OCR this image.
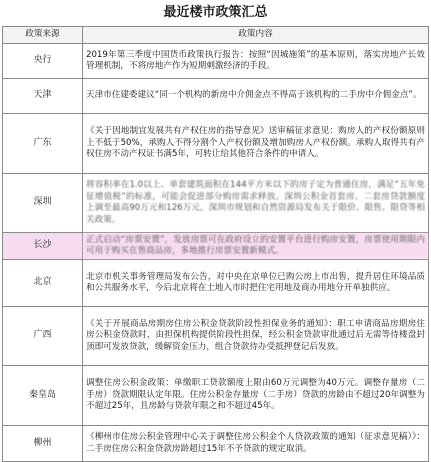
最近楼市政策汇总
政策来源	政策内容
央行	2019年第三季度中国货币政策执行报告：按照“因城施策”的基本原则，落实房地产长效管理机制，不将房地产作为短期刺激经济的手段。
天津	天津市住建委建议“同一个机构的新房中介佣金点不得高于该机构的二手房中介佣金点”。
广东	《关于因地制宜发展共有产权住房的指导意见》送审稿征求意见：购房人的产权份额原则上不低于50%，承购人不得分割个人产权份额及增加购房人产权份额。承购人取得共有产权住房不动产权证书满5年，可转让给其他符合条件的申请人。
深圳	将容积率在1.0以上、单套建筑面积在144平方米以下的房子定为普通住房，满足“五年免征增值税”的标准，可能会促进部分购房需求释放。深圳公积金首套房、二套房贷款额度上调至最高90万元和126万元。深圳市规划和自然资源局发布关于限价、限售、限贷等相关政策。
长沙	正式启动“房票安置”，发放房票可在政府设立的安置平台进行购房安置，房票使用期限内可用于购买在售商品房，多地推行房票安置新模式。
北京	北京市机关事务管理局发布公告，对中央在京单位已购公房上市出售，提升居住环境品质和公共服务水平，今后北京将在土地入市时把住宅用地及商办用地分开单独供应。
广西	《关于开展商品房期房住房公积金贷款阶段性担保业务的通知》：职工申请商品房期房住房公积金贷款时，由担保机构提供阶段性担保，经公积金贷款审批通过后无需等待楼盘封顶即可发放贷款，缓解资金压力，组合贷款待办受抵押登记后发放。
秦皇岛	调整住房公积金政策：单缴职工贷款额度上限由60万元调整为40万元。调整存量房（二手房）贷款期限认定年限。住房公积金存量房（二手房）贷款的房龄由不超过20年调整为不超过25年，且房龄与贷款年限之和不超过45年。
柳州	《柳州市住房公积金管理中心关于调整住房公积金个人贷款政策的通知（征求意见稿）》：二手房住房公积金贷款房龄超过15年不予贷款的规定取消。
